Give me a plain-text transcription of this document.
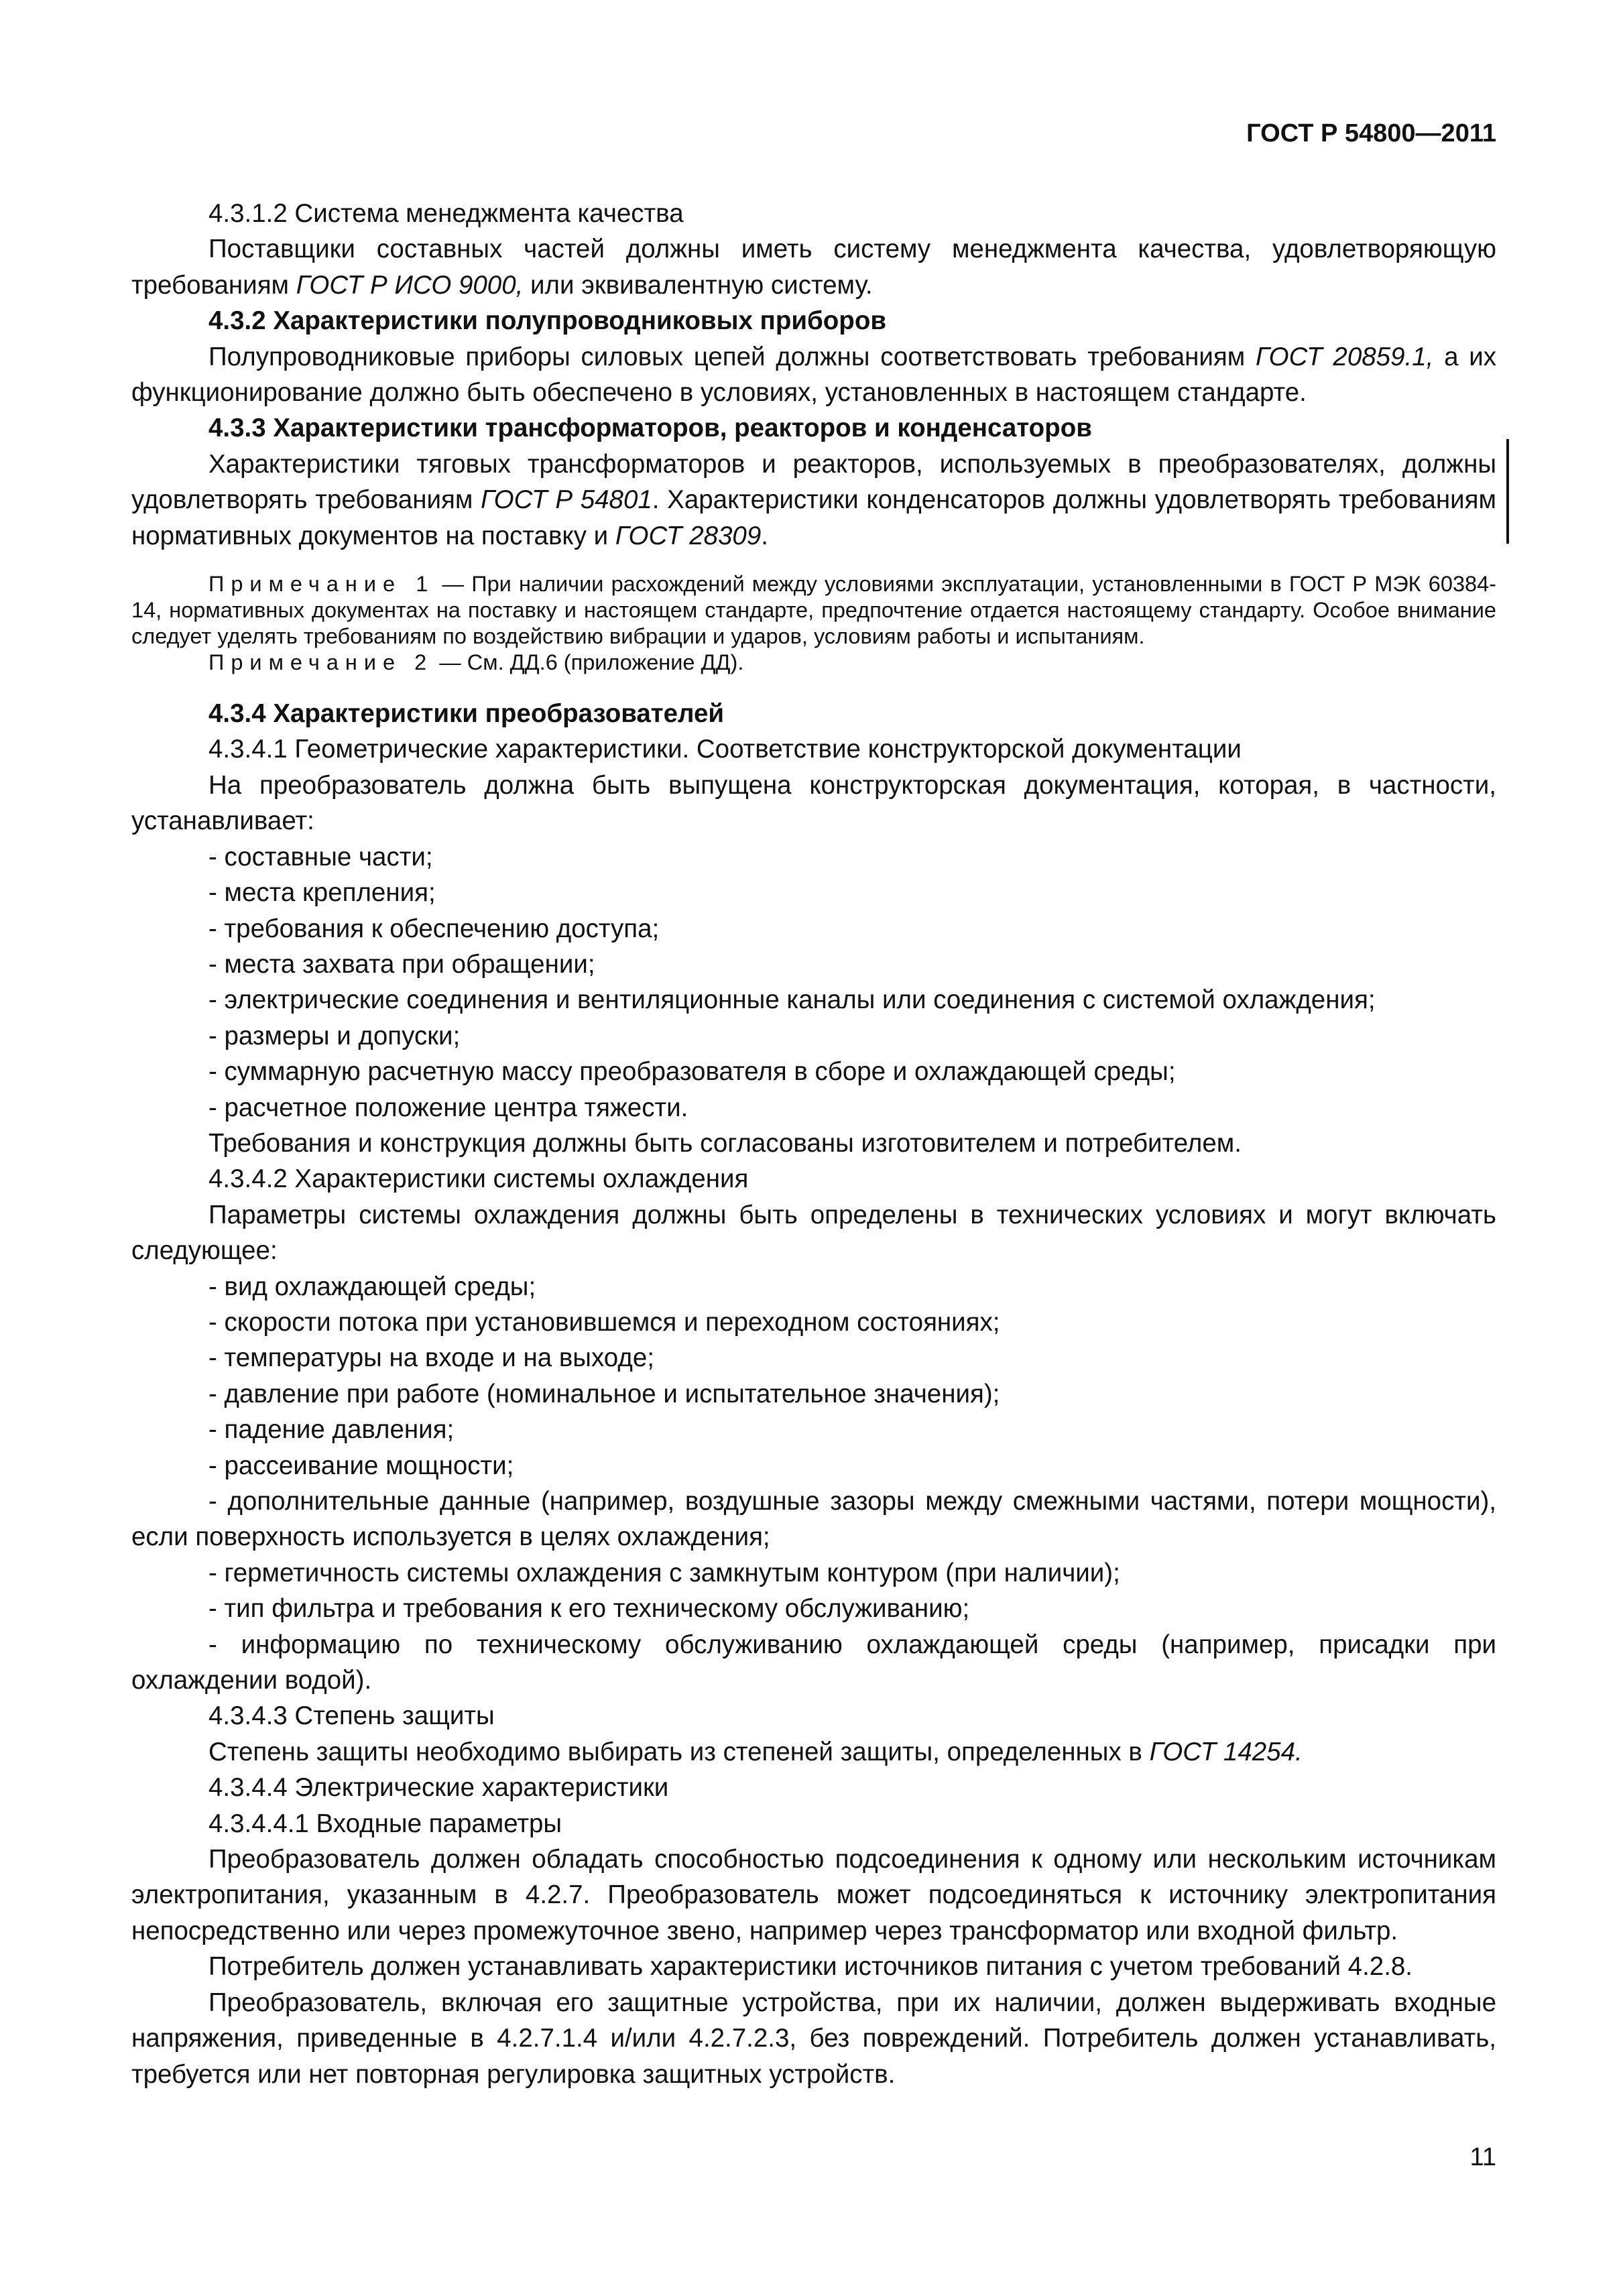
ГОСТ Р 54800—2011

4.3.1.2 Система менеджмента качества

Поставщики составных частей должны иметь систему менеджмента качества, удовлетворяющую требованиям ГОСТ Р ИСО 9000, или эквивалентную систему.

4.3.2 Характеристики полупроводниковых приборов

Полупроводниковые приборы силовых цепей должны соответствовать требованиям ГОСТ 20859.1, а их функционирование должно быть обеспечено в условиях, установленных в настоящем стандарте.

4.3.3 Характеристики трансформаторов, реакторов и конденсаторов

Характеристики тяговых трансформаторов и реакторов, используемых в преобразователях, должны удовлетворять требованиям ГОСТ Р 54801. Характеристики конденсаторов должны удовлетворять требованиям нормативных документов на поставку и ГОСТ 28309.

Примечание 1 — При наличии расхождений между условиями эксплуатации, установленными в ГОСТ Р МЭК 60384-14, нормативных документах на поставку и настоящем стандарте, предпочтение отдается настоящему стандарту. Особое внимание следует уделять требованиям по воздействию вибрации и ударов, условиям работы и испытаниям.

Примечание 2 — См. ДД.6 (приложение ДД).

4.3.4 Характеристики преобразователей

4.3.4.1 Геометрические характеристики. Соответствие конструкторской документации

На преобразователь должна быть выпущена конструкторская документация, которая, в частности, устанавливает:

- составные части;

- места крепления;

- требования к обеспечению доступа;

- места захвата при обращении;

- электрические соединения и вентиляционные каналы или соединения с системой охлаждения;

- размеры и допуски;

- суммарную расчетную массу преобразователя в сборе и охлаждающей среды;

- расчетное положение центра тяжести.

Требования и конструкция должны быть согласованы изготовителем и потребителем.

4.3.4.2 Характеристики системы охлаждения

Параметры системы охлаждения должны быть определены в технических условиях и могут включать следующее:

- вид охлаждающей среды;

- скорости потока при установившемся и переходном состояниях;

- температуры на входе и на выходе;

- давление при работе (номинальное и испытательное значения);

- падение давления;

- рассеивание мощности;

- дополнительные данные (например, воздушные зазоры между смежными частями, потери мощности), если поверхность используется в целях охлаждения;

- герметичность системы охлаждения с замкнутым контуром (при наличии);

- тип фильтра и требования к его техническому обслуживанию;

- информацию по техническому обслуживанию охлаждающей среды (например, присадки при охлаждении водой).

4.3.4.3 Степень защиты

Степень защиты необходимо выбирать из степеней защиты, определенных в ГОСТ 14254.

4.3.4.4 Электрические характеристики

4.3.4.4.1 Входные параметры

Преобразователь должен обладать способностью подсоединения к одному или нескольким источникам электропитания, указанным в 4.2.7. Преобразователь может подсоединяться к источнику электропитания непосредственно или через промежуточное звено, например через трансформатор или входной фильтр.

Потребитель должен устанавливать характеристики источников питания с учетом требований 4.2.8.

Преобразователь, включая его защитные устройства, при их наличии, должен выдерживать входные напряжения, приведенные в 4.2.7.1.4 и/или 4.2.7.2.3, без повреждений. Потребитель должен устанавливать, требуется или нет повторная регулировка защитных устройств.

11
